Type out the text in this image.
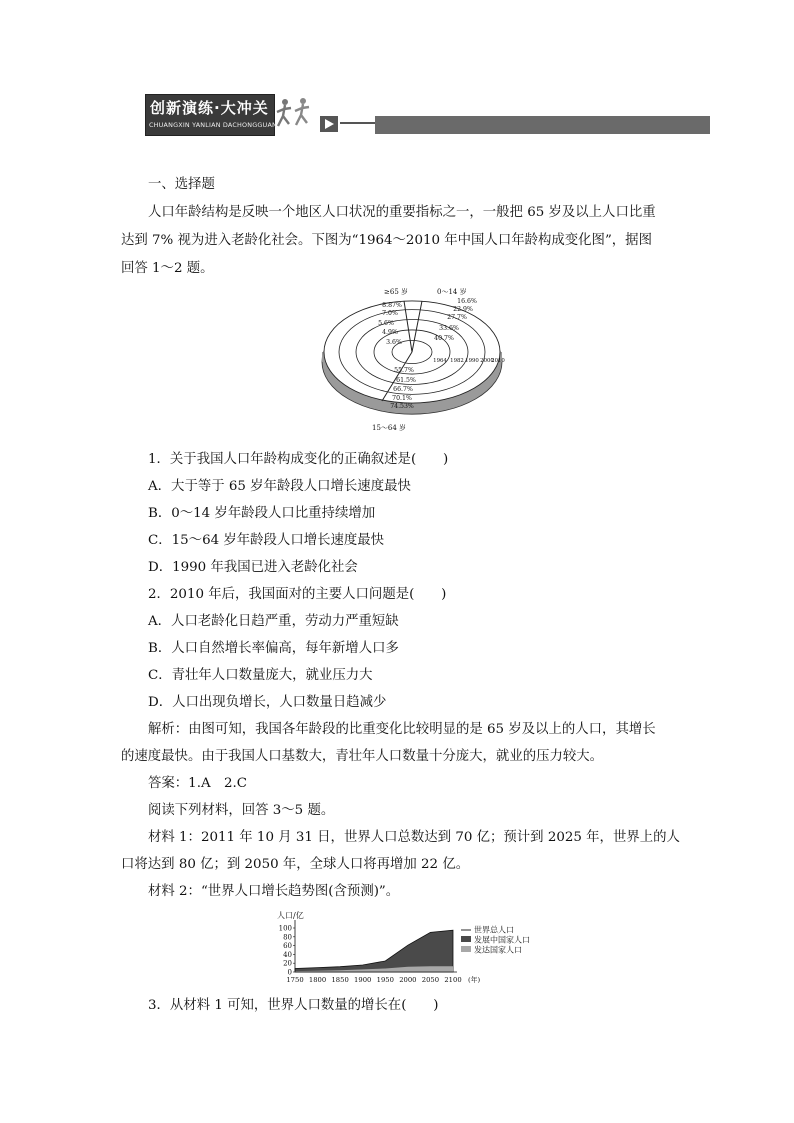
创新演练·大冲关
CHUANGXIN YANLIAN DACHONGGUAN
多练兵重实战提升综合能力 自评定找差距消除学习死角
一、选择题
人口年龄结构是反映一个地区人口状况的重要指标之一，一般把 65 岁及以上人口比重
达到 7% 视为进入老龄化社会。下图为“1964～2010 年中国人口年龄构成变化图”，据图
回答 1～2 题。
3.6%
4.9%
5.6%
7.0%
8.87%
40.7%
33.6%
27.7%
22.9%
16.6%
55.7%
61.5%
66.7%
70.1%
74.53%
1964 1982 1990 2000
2010
≥65 岁	0～14 岁
15～64 岁
1．关于我国人口年龄构成变化的正确叙述是(　　)
A．大于等于 65 岁年龄段人口增长速度最快
B．0～14 岁年龄段人口比重持续增加
C．15～64 岁年龄段人口增长速度最快
D．1990 年我国已进入老龄化社会
2．2010 年后，我国面对的主要人口问题是(　　)
A．人口老龄化日趋严重，劳动力严重短缺
B．人口自然增长率偏高，每年新增人口多
C．青壮年人口数量庞大，就业压力大
D．人口出现负增长，人口数量日趋减少
解析：由图可知，我国各年龄段的比重变化比较明显的是 65 岁及以上的人口，其增长
的速度最快。由于我国人口基数大，青壮年人口数量十分庞大，就业的压力较大。
答案：1.A　2.C
阅读下列材料，回答 3～5 题。
材料 1：2011 年 10 月 31 日，世界人口总数达到 70 亿；预计到 2025 年，世界上的人
口将达到 80 亿；到 2050 年，全球人口将再增加 22 亿。
材料 2：“世界人口增长趋势图(含预测)”。
0
20
40
60
80
100
1750 1800 1850 1900 1950 2000 2050 2100 (年)
人口/亿
世界总人口
发展中国家人口
发达国家人口
3．从材料 1 可知，世界人口数量的增长在(　　)
